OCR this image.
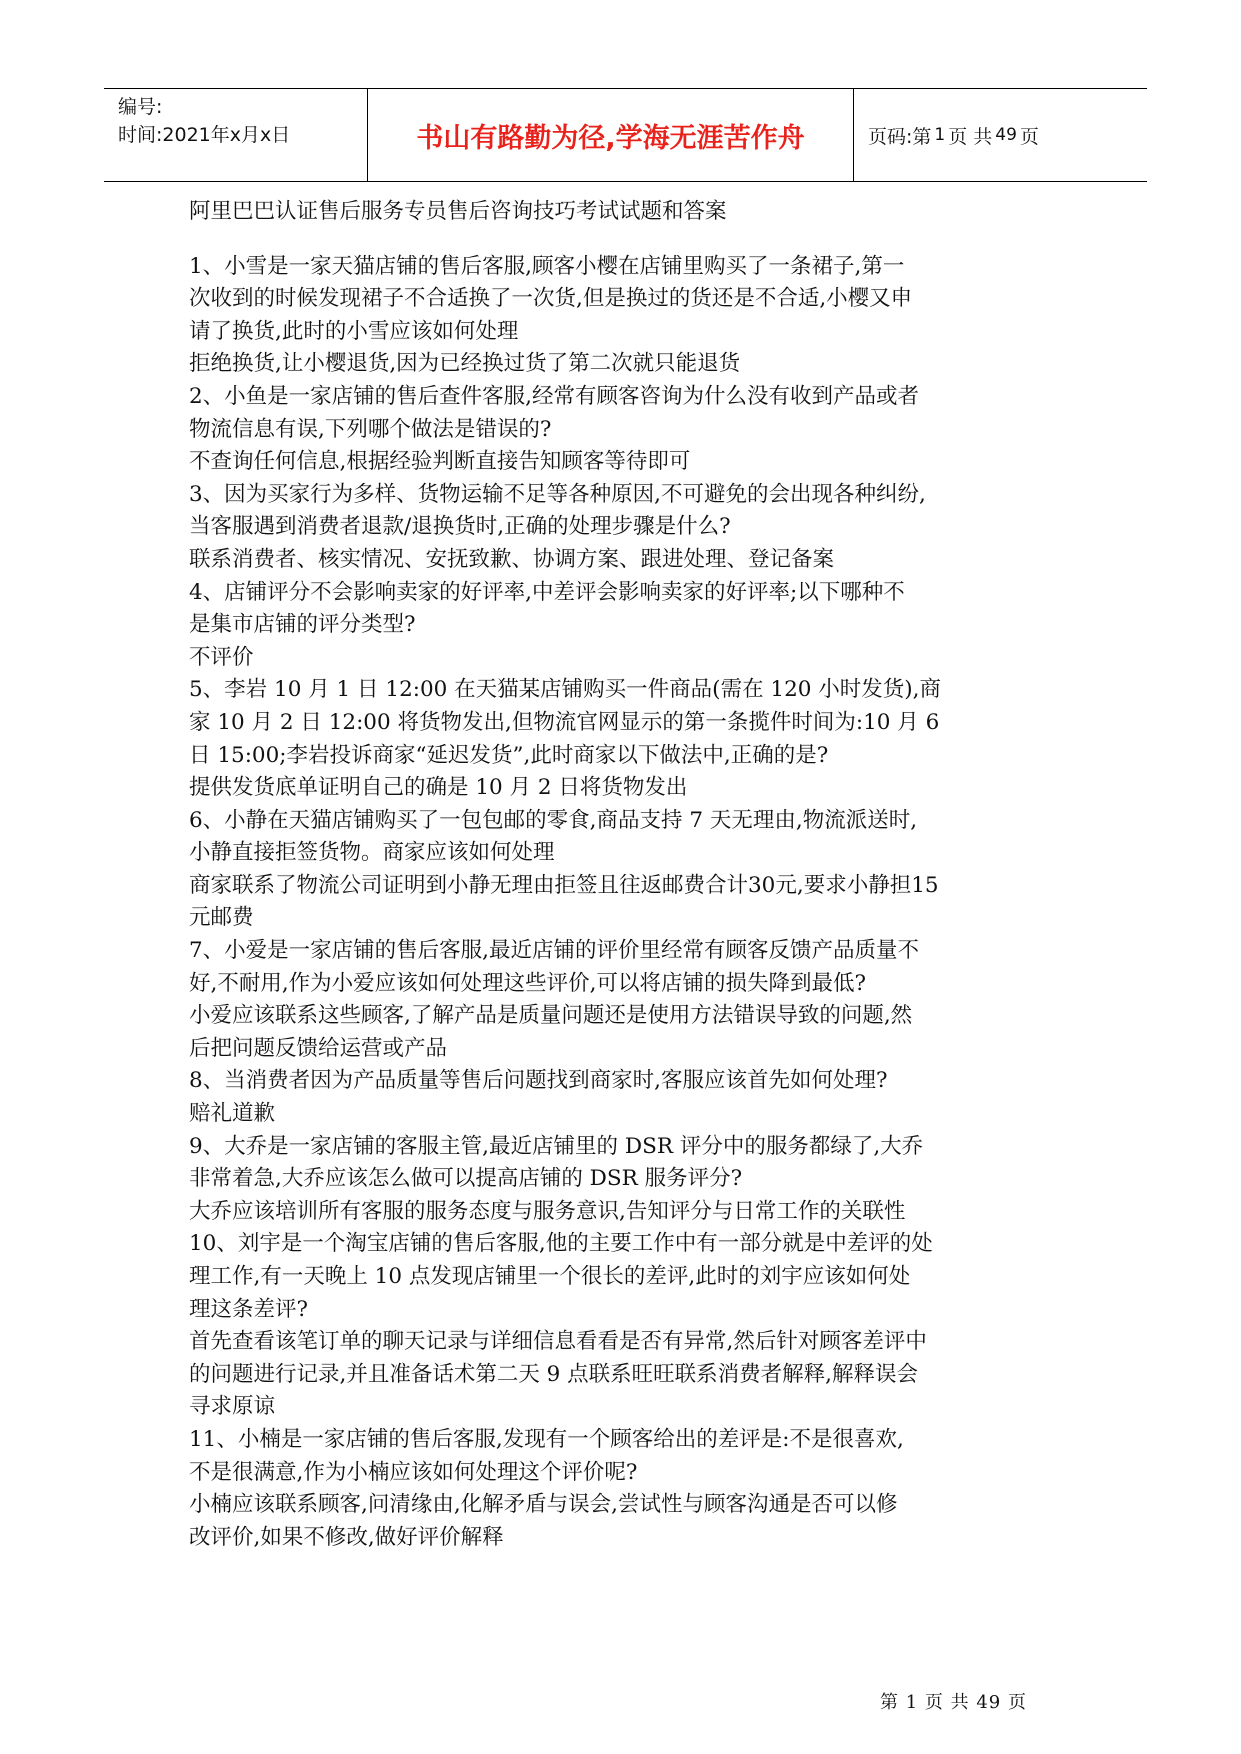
编号:
时间:2021年x月x日	书山有路勤为径,学海无涯苦作舟	页码:第 1 页 共 49 页
阿里巴巴认证售后服务专员售后咨询技巧考试试题和答案
1、小雪是一家天猫店铺的售后客服,顾客小樱在店铺里购买了一条裙子,第一
次收到的时候发现裙子不合适换了一次货,但是换过的货还是不合适,小樱又申
请了换货,此时的小雪应该如何处理
拒绝换货,让小樱退货,因为已经换过货了第二次就只能退货
2、小鱼是一家店铺的售后查件客服,经常有顾客咨询为什么没有收到产品或者
物流信息有误,下列哪个做法是错误的?
不查询任何信息,根据经验判断直接告知顾客等待即可
3、因为买家行为多样、货物运输不足等各种原因,不可避免的会出现各种纠纷,
当客服遇到消费者退款/退换货时,正确的处理步骤是什么?
联系消费者、核实情况、安抚致歉、协调方案、跟进处理、登记备案
4、店铺评分不会影响卖家的好评率,中差评会影响卖家的好评率;以下哪种不
是集市店铺的评分类型?
不评价
5、李岩 10 月 1 日 12:00 在天猫某店铺购买一件商品(需在 120 小时发货),商
家 10 月 2 日 12:00 将货物发出,但物流官网显示的第一条揽件时间为:10 月 6
日 15:00;李岩投诉商家“延迟发货”,此时商家以下做法中,正确的是?
提供发货底单证明自己的确是 10 月 2 日将货物发出
6、小静在天猫店铺购买了一包包邮的零食,商品支持 7 天无理由,物流派送时,
小静直接拒签货物。商家应该如何处理
商家联系了物流公司证明到小静无理由拒签且往返邮费合计30元,要求小静担15
元邮费
7、小爱是一家店铺的售后客服,最近店铺的评价里经常有顾客反馈产品质量不
好,不耐用,作为小爱应该如何处理这些评价,可以将店铺的损失降到最低?
小爱应该联系这些顾客,了解产品是质量问题还是使用方法错误导致的问题,然
后把问题反馈给运营或产品
8、当消费者因为产品质量等售后问题找到商家时,客服应该首先如何处理?
赔礼道歉
9、大乔是一家店铺的客服主管,最近店铺里的 DSR 评分中的服务都绿了,大乔
非常着急,大乔应该怎么做可以提高店铺的 DSR 服务评分?
大乔应该培训所有客服的服务态度与服务意识,告知评分与日常工作的关联性
10、刘宇是一个淘宝店铺的售后客服,他的主要工作中有一部分就是中差评的处
理工作,有一天晚上 10 点发现店铺里一个很长的差评,此时的刘宇应该如何处
理这条差评?
首先查看该笔订单的聊天记录与详细信息看看是否有异常,然后针对顾客差评中
的问题进行记录,并且准备话术第二天 9 点联系旺旺联系消费者解释,解释误会
寻求原谅
11、小楠是一家店铺的售后客服,发现有一个顾客给出的差评是:不是很喜欢,
不是很满意,作为小楠应该如何处理这个评价呢?
小楠应该联系顾客,问清缘由,化解矛盾与误会,尝试性与顾客沟通是否可以修
改评价,如果不修改,做好评价解释
第 1 页 共 49 页
